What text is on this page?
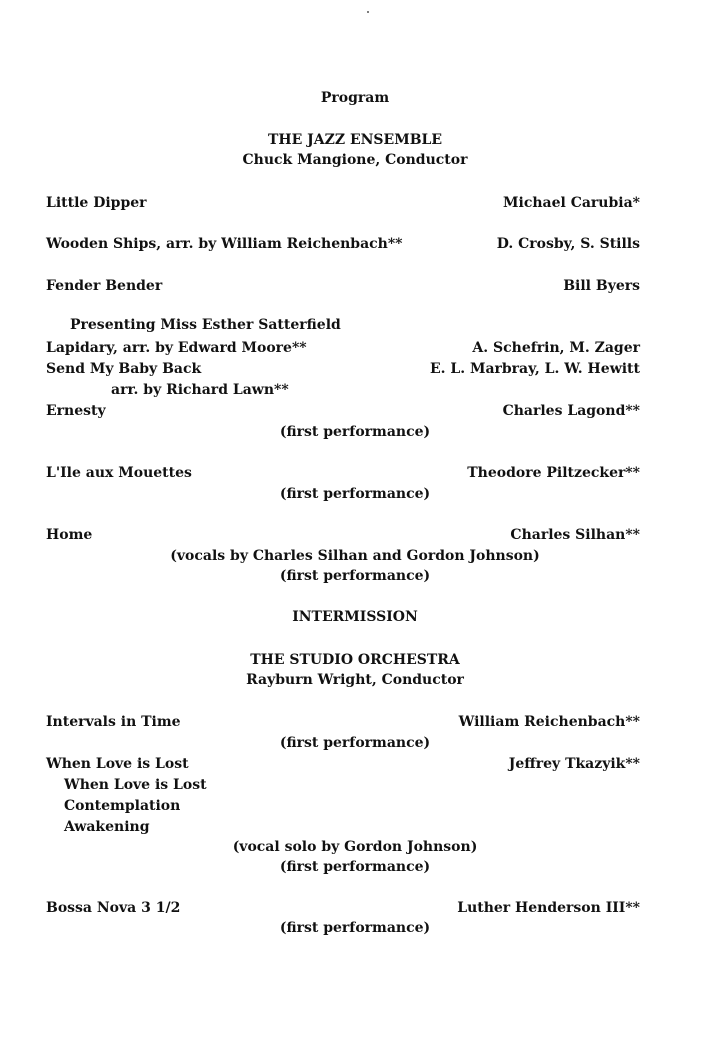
Program
THE JAZZ ENSEMBLE
Chuck Mangione, Conductor
Little Dipper	Michael Carubia*
Wooden Ships, arr. by William Reichenbach**	D. Crosby, S. Stills
Fender Bender	Bill Byers
Presenting Miss Esther Satterfield
Lapidary, arr. by Edward Moore**	A. Schefrin, M. Zager
Send My Baby Back	E. L. Marbray, L. W. Hewitt
arr. by Richard Lawn**
Ernesty	Charles Lagond**
(first performance)
L'Ile aux Mouettes	Theodore Piltzecker**
(first performance)
Home	Charles Silhan**
(vocals by Charles Silhan and Gordon Johnson)
(first performance)
INTERMISSION
THE STUDIO ORCHESTRA
Rayburn Wright, Conductor
Intervals in Time	William Reichenbach**
(first performance)
When Love is Lost	Jeffrey Tkazyik**
When Love is Lost
Contemplation
Awakening
(vocal solo by Gordon Johnson)
(first performance)
Bossa Nova 3 1/2	Luther Henderson III**
(first performance)
